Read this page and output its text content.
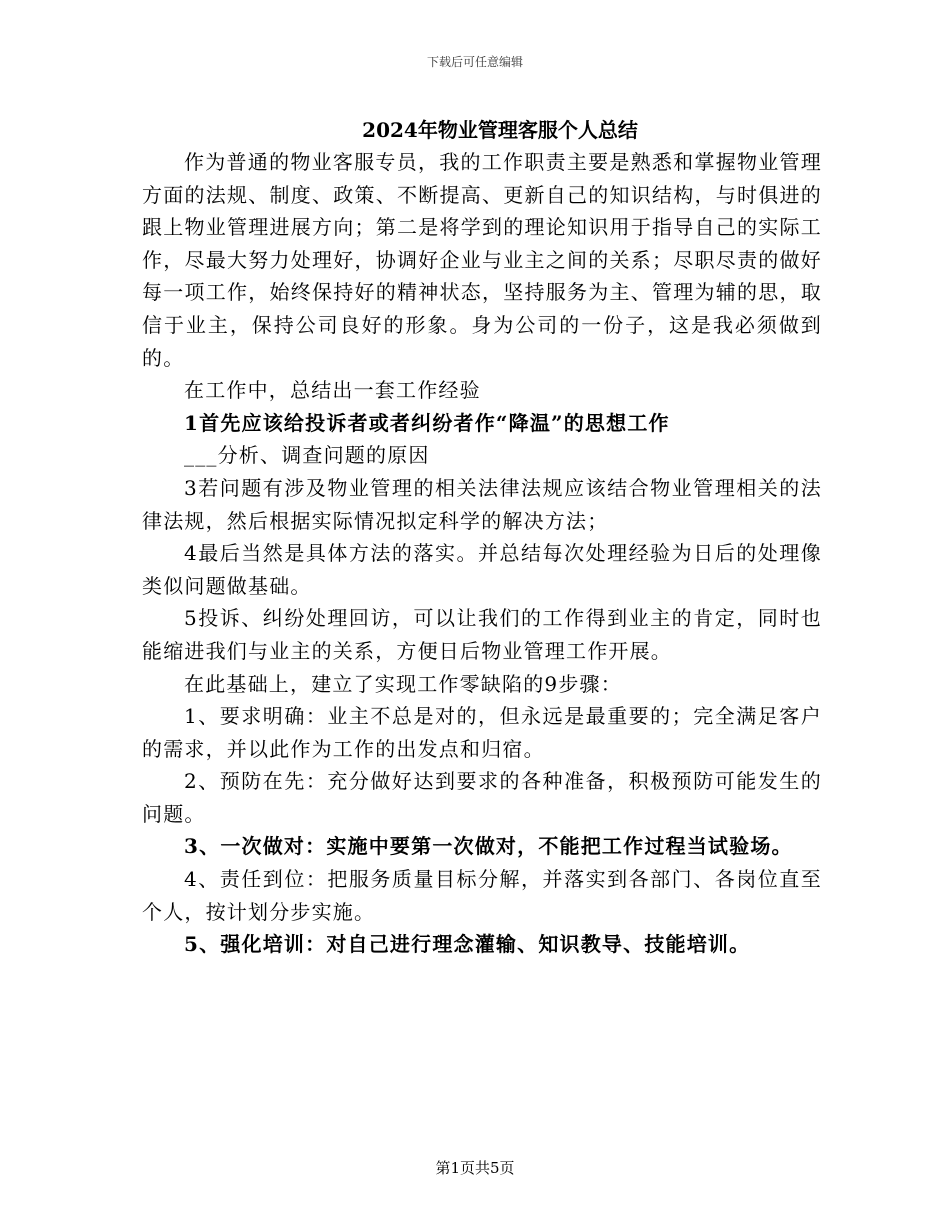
下载后可任意编辑
2024年物业管理客服个人总结

作为普通的物业客服专员，我的工作职责主要是熟悉和掌握物业管理方面的法规、制度、政策、不断提高、更新自己的知识结构，与时俱进的跟上物业管理进展方向；第二是将学到的理论知识用于指导自己的实际工作，尽最大努力处理好，协调好企业与业主之间的关系；尽职尽责的做好每一项工作，始终保持好的精神状态，坚持服务为主、管理为辅的思，取信于业主，保持公司良好的形象。身为公司的一份子，这是我必须做到的。

在工作中，总结出一套工作经验

1首先应该给投诉者或者纠纷者作“降温”的思想工作

___分析、调查问题的原因

3若问题有涉及物业管理的相关法律法规应该结合物业管理相关的法律法规，然后根据实际情况拟定科学的解决方法；

4最后当然是具体方法的落实。并总结每次处理经验为日后的处理像类似问题做基础。

5投诉、纠纷处理回访，可以让我们的工作得到业主的肯定，同时也能缩进我们与业主的关系，方便日后物业管理工作开展。

在此基础上，建立了实现工作零缺陷的9步骤：

1、要求明确：业主不总是对的，但永远是最重要的；完全满足客户的需求，并以此作为工作的出发点和归宿。

2、预防在先：充分做好达到要求的各种准备，积极预防可能发生的问题。

3、一次做对：实施中要第一次做对，不能把工作过程当试验场。

4、责任到位：把服务质量目标分解，并落实到各部门、各岗位直至个人，按计划分步实施。

5、强化培训：对自己进行理念灌输、知识教导、技能培训。

第1页共5页
